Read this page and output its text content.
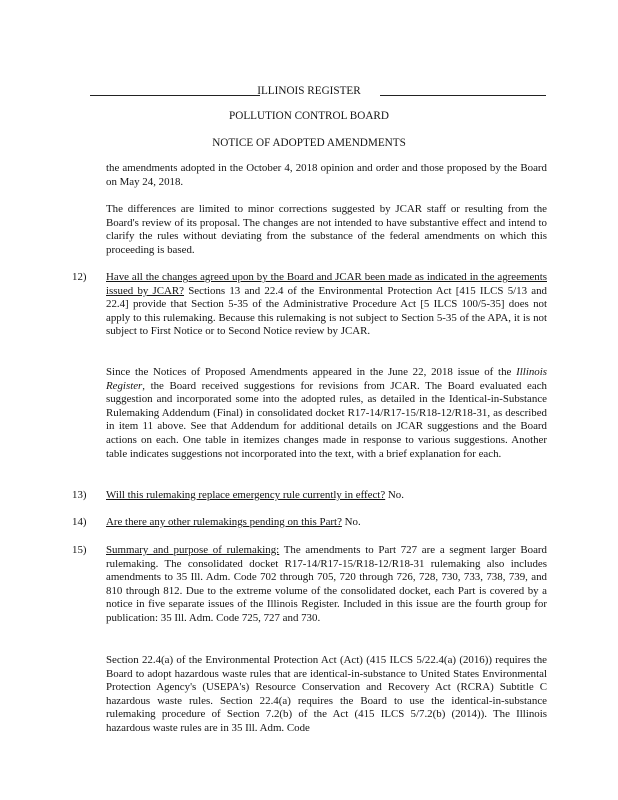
ILLINOIS REGISTER
POLLUTION CONTROL BOARD
NOTICE OF ADOPTED AMENDMENTS

the amendments adopted in the October 4, 2018 opinion and order and those proposed by the Board on May 24, 2018.

The differences are limited to minor corrections suggested by JCAR staff or resulting from the Board's review of its proposal. The changes are not intended to have substantive effect and intend to clarify the rules without deviating from the substance of the federal amendments on which this proceeding is based.

12)	Have all the changes agreed upon by the Board and JCAR been made as indicated in the agreements issued by JCAR? Sections 13 and 22.4 of the Environmental Protection Act [415 ILCS 5/13 and 22.4] provide that Section 5-35 of the Administrative Procedure Act [5 ILCS 100/5-35] does not apply to this rulemaking. Because this rulemaking is not subject to Section 5-35 of the APA, it is not subject to First Notice or to Second Notice review by JCAR.

Since the Notices of Proposed Amendments appeared in the June 22, 2018 issue of the Illinois Register, the Board received suggestions for revisions from JCAR. The Board evaluated each suggestion and incorporated some into the adopted rules, as detailed in the Identical-in-Substance Rulemaking Addendum (Final) in consolidated docket R17-14/R17-15/R18-12/R18-31, as described in item 11 above. See that Addendum for additional details on JCAR suggestions and the Board actions on each. One table in itemizes changes made in response to various suggestions. Another table indicates suggestions not incorporated into the text, with a brief explanation for each.

13)	Will this rulemaking replace emergency rule currently in effect? No.
14)	Are there any other rulemakings pending on this Part? No.
15)	Summary and purpose of rulemaking: The amendments to Part 727 are a segment larger Board rulemaking. The consolidated docket R17-14/R17-15/R18-12/R18-31 rulemaking also includes amendments to 35 Ill. Adm. Code 702 through 705, 720 through 726, 728, 730, 733, 738, 739, and 810 through 812. Due to the extreme volume of the consolidated docket, each Part is covered by a notice in five separate issues of the Illinois Register. Included in this issue are the fourth group for publication: 35 Ill. Adm. Code 725, 727 and 730.

Section 22.4(a) of the Environmental Protection Act (Act) (415 ILCS 5/22.4(a) (2016)) requires the Board to adopt hazardous waste rules that are identical-in-substance to United States Environmental Protection Agency's (USEPA's) Resource Conservation and Recovery Act (RCRA) Subtitle C hazardous waste rules. Section 22.4(a) requires the Board to use the identical-in-substance rulemaking procedure of Section 7.2(b) of the Act (415 ILCS 5/7.2(b) (2014)). The Illinois hazardous waste rules are in 35 Ill. Adm. Code
